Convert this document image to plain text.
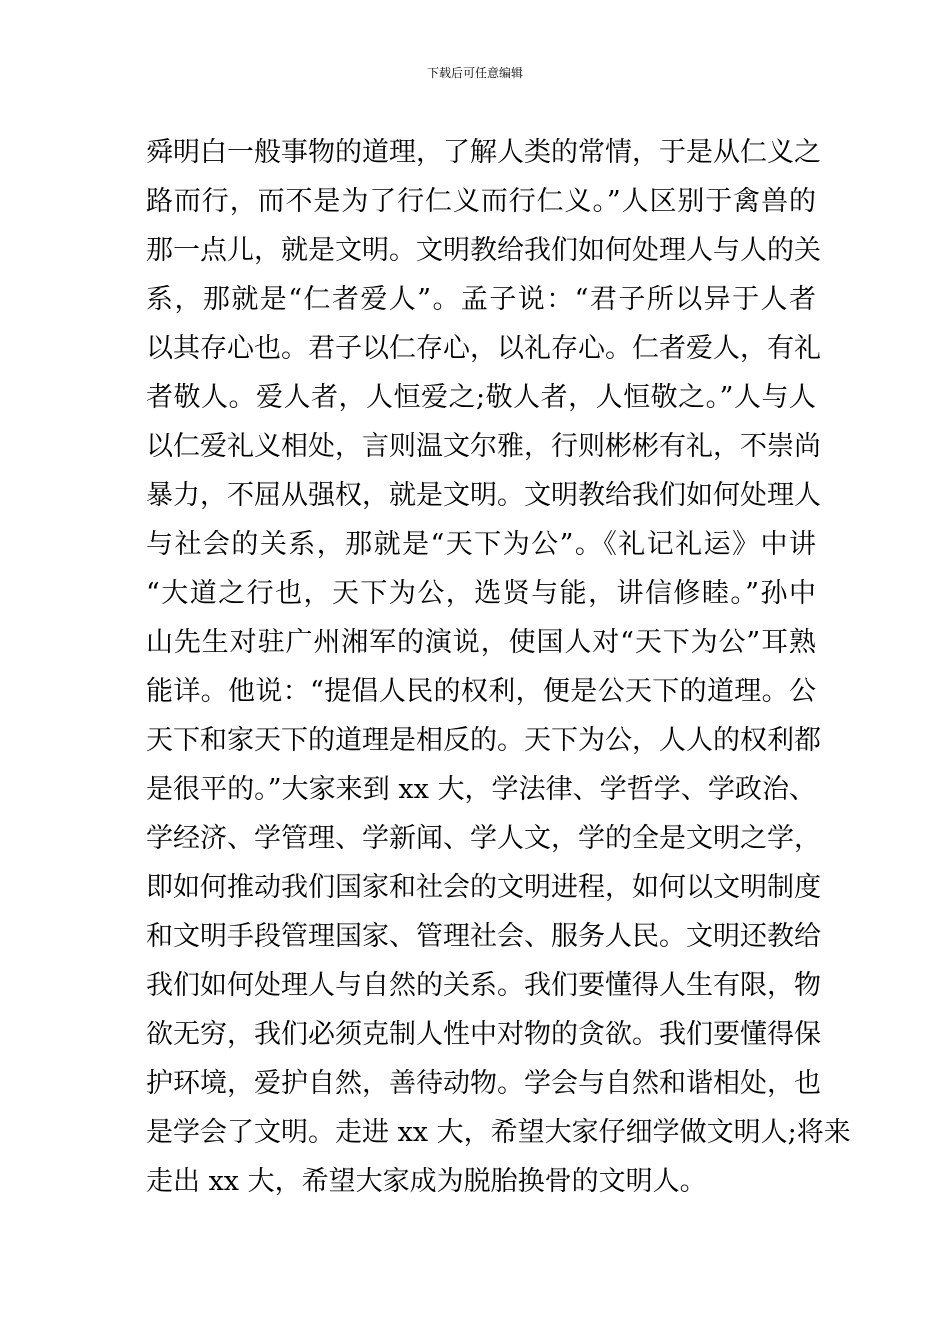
下载后可任意编辑
舜明白一般事物的道理，了解人类的常情，于是从仁义之
路而行，而不是为了行仁义而行仁义。”人区别于禽兽的
那一点儿，就是文明。文明教给我们如何处理人与人的关
系，那就是“仁者爱人”。孟子说：“君子所以异于人者
以其存心也。君子以仁存心，以礼存心。仁者爱人，有礼
者敬人。爱人者，人恒爱之;敬人者，人恒敬之。”人与人
以仁爱礼义相处，言则温文尔雅，行则彬彬有礼，不崇尚
暴力，不屈从强权，就是文明。文明教给我们如何处理人
与社会的关系，那就是“天下为公”。《礼记礼运》中讲
“大道之行也，天下为公，选贤与能，讲信修睦。”孙中
山先生对驻广州湘军的演说，使国人对“天下为公”耳熟
能详。他说：“提倡人民的权利，便是公天下的道理。公
天下和家天下的道理是相反的。天下为公，人人的权利都
是很平的。”大家来到 xx 大，学法律、学哲学、学政治、
学经济、学管理、学新闻、学人文，学的全是文明之学，
即如何推动我们国家和社会的文明进程，如何以文明制度
和文明手段管理国家、管理社会、服务人民。文明还教给
我们如何处理人与自然的关系。我们要懂得人生有限，物
欲无穷，我们必须克制人性中对物的贪欲。我们要懂得保
护环境，爱护自然，善待动物。学会与自然和谐相处，也
是学会了文明。走进 xx 大，希望大家仔细学做文明人;将来
走出 xx 大，希望大家成为脱胎换骨的文明人。
